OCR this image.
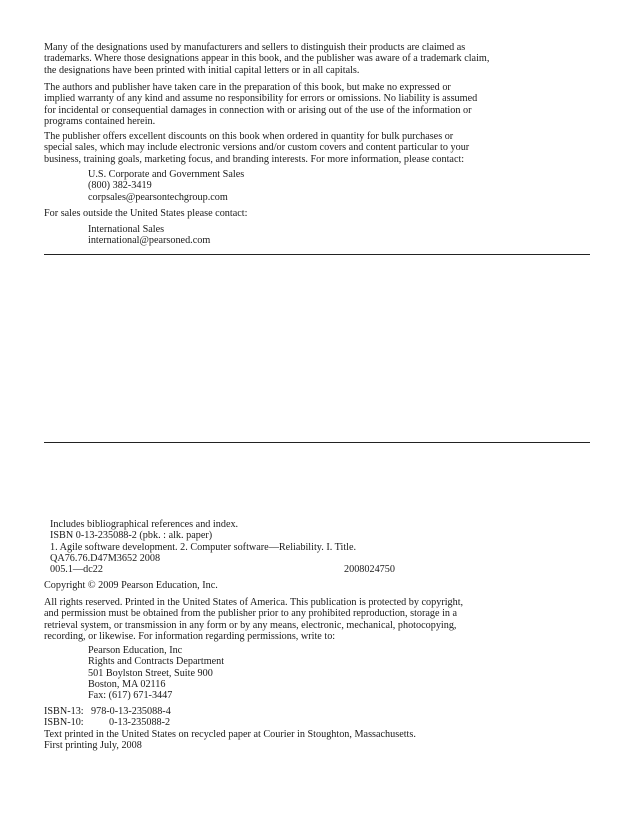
Many of the designations used by manufacturers and sellers to distinguish their products are claimed as
trademarks. Where those designations appear in this book, and the publisher was aware of a trademark claim,
the designations have been printed with initial capital letters or in all capitals.
The authors and publisher have taken care in the preparation of this book, but make no expressed or
implied warranty of any kind and assume no responsibility for errors or omissions. No liability is assumed
for incidental or consequential damages in connection with or arising out of the use of the information or
programs contained herein.
The publisher offers excellent discounts on this book when ordered in quantity for bulk purchases or
special sales, which may include electronic versions and/or custom covers and content particular to your
business, training goals, marketing focus, and branding interests. For more information, please contact:
U.S. Corporate and Government Sales
(800) 382-3419
corpsales@pearsontechgroup.com
For sales outside the United States please contact:
International Sales
international@pearsoned.com
Includes bibliographical references and index.
ISBN 0-13-235088-2 (pbk. : alk. paper)
1. Agile software development. 2. Computer software—Reliability. I. Title.
QA76.76.D47M3652 2008
005.1—dc22	2008024750
Copyright © 2009 Pearson Education, Inc.
All rights reserved. Printed in the United States of America. This publication is protected by copyright,
and permission must be obtained from the publisher prior to any prohibited reproduction, storage in a
retrieval system, or transmission in any form or by any means, electronic, mechanical, photocopying,
recording, or likewise. For information regarding permissions, write to:
Pearson Education, Inc
Rights and Contracts Department
501 Boylston Street, Suite 900
Boston, MA 02116
Fax: (617) 671-3447
ISBN-13: 978-0-13-235088-4
ISBN-10: 0-13-235088-2
Text printed in the United States on recycled paper at Courier in Stoughton, Massachusetts.
First printing July, 2008
